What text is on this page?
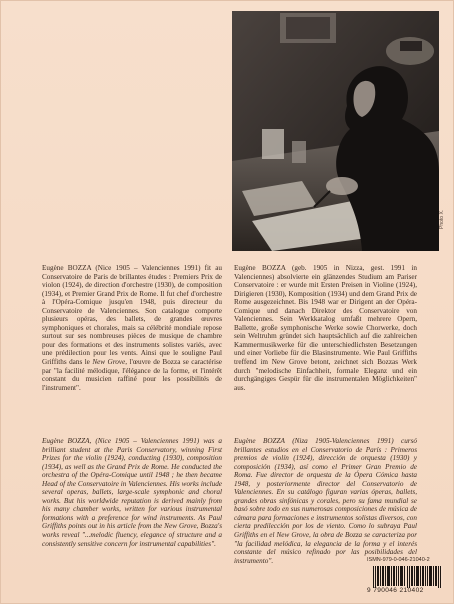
Photo X.

Eugène BOZZA (Nice 1905 – Valenciennes 1991) fit au Conservatoire de Paris de brillantes études : Premiers Prix de violon (1924), de direction d'orchestre (1930), de composition (1934), et Premier Grand Prix de Rome. Il fut chef d'orchestre à l'Opéra-Comique jusqu'en 1948, puis directeur du Conservatoire de Valenciennes. Son catalogue comporte plusieurs opéras, des ballets, de grandes œuvres symphoniques et chorales, mais sa célébrité mondiale repose surtout sur ses nombreuses pièces de musique de chambre pour des formations et des instruments solistes variés, avec une prédilection pour les vents. Ainsi que le souligne Paul Griffiths dans le New Grove, l'œuvre de Bozza se caractérise par "la facilité mélodique, l'élégance de la forme, et l'intérêt constant du musicien raffiné pour les possibilités de l'instrument".

Eugène BOZZA (geb. 1905 in Nizza, gest. 1991 in Valenciennes) absolvierte ein glänzendes Studium am Pariser Conservatoire : er wurde mit Ersten Preisen in Violine (1924), Dirigieren (1930), Komposition (1934) und dem Grand Prix de Rome ausgezeichnet. Bis 1948 war er Dirigent an der Opéra-Comique und danach Direktor des Conservatoire von Valenciennes. Sein Werkkatalog umfaßt mehrere Opern, Ballette, große symphonische Werke sowie Chorwerke, doch sein Weltruhm gründet sich hauptsächlich auf die zahlreichen Kammermusikwerke für die unterschiedlichsten Besetzungen und einer Vorliebe für die Blasinstrumente. Wie Paul Griffiths treffend im New Grove betont, zeichnet sich Bozzas Werk durch "melodische Einfachheit, formale Eleganz und ein durchgängiges Gespür für die instrumentalen Möglichkeiten" aus.

Eugène BOZZA, (Nice 1905 – Valenciennes 1991) was a brilliant student at the Paris Conservatory, winning First Prizes for the violin (1924), conducting (1930), composition (1934), as well as the Grand Prix de Rome. He conducted the orchestra of the Opéra-Comique until 1948 ; he then became Head of the Conservatoire in Valenciennes. His works include several operas, ballets, large-scale symphonic and choral works. But his worldwide reputation is derived mainly from his many chamber works, written for various instrumental formations with a preference for wind instruments. As Paul Griffiths points out in his article from the New Grove, Bozza's works reveal "...melodic fluency, elegance of structure and a consistently sensitive concern for instrumental capabilities".

Eugène BOZZA (Niza 1905-Valenciennes 1991) cursó brillantes estudios en el Conservatorio de París : Primeros premios de violín (1924), dirección de orquesta (1930) y composición (1934), así como el Primer Gran Premio de Roma. Fue director de orquesta de la Ópera Cómica hasta 1948, y posteriormente director del Conservatorio de Valenciennes. En su catálogo figuran varias óperas, ballets, grandes obras sinfónicas y corales, pero su fama mundial se basó sobre todo en sus numerosas composiciones de música de cámara para formaciones e instrumentos solistas diversos, con cierta predilección por los de viento. Como lo subraya Paul Griffiths en el New Grove, la obra de Bozza se caracteriza por "la facilidad melódica, la elegancia de la forma y el interés constante del músico refinado por las posibilidades del instrumento".	ISMN-979-0-046-21040-2
9 790046 210402
